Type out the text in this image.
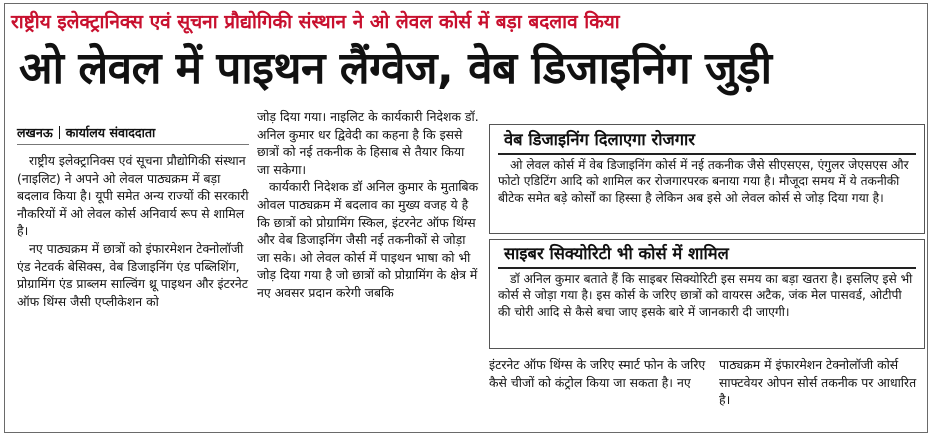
राष्ट्रीय इलेक्ट्रानिक्स एवं सूचना प्रौद्योगिकी संस्थान ने ओ लेवल कोर्स में बड़ा बदलाव किया
ओ लेवल में पाइथन लैंग्वेज, वेब डिजाइनिंग जुड़ी
लखनऊ कार्यालय संवाददाता

राष्ट्रीय इलेक्ट्रानिक्स एवं सूचना प्रौद्योगिकी संस्थान (नाइलिट) ने अपने ओ लेवल पाठ्यक्रम में बड़ा बदलाव किया है। यूपी समेत अन्य राज्यों की सरकारी नौकरियों में ओ लेवल कोर्स अनिवार्य रूप से शामिल है।

नए पाठ्यक्रम में छात्रों को इंफारमेशन टेक्नोलॉजी एंड नेटवर्क बेसिक्स, वेब डिजाइनिंग एंड पब्लिशिंग, प्रोग्रामिंग एंड प्राब्लम साल्विंग थ्रू पाइथन और इंटरनेट ऑफ थिंग्स जैसी एप्लीकेशन को

जोड़ दिया गया। नाइलिट के कार्यकारी निदेशक डॉ. अनिल कुमार धर द्विवेदी का कहना है कि इससे छात्रों को नई तकनीक के हिसाब से तैयार किया जा सकेगा।

कार्यकारी निदेशक डॉ अनिल कुमार के मुताबिक ओवल पाठ्यक्रम में बदलाव का मुख्य वजह ये है कि छात्रों को प्रोग्रामिंग स्किल, इंटरनेट ऑफ थिंग्स और वेब डिजाइनिंग जैसी नई तकनीकों से जोड़ा जा सके। ओ लेवल कोर्स में पाइथन भाषा को भी जोड़ दिया गया है जो छात्रों को प्रोग्रामिंग के क्षेत्र में नए अवसर प्रदान करेगी जबकि

वेब डिजाइनिंग दिलाएगा रोजगार
ओ लेवल कोर्स में वेब डिजाइनिंग कोर्स में नई तकनीक जैसे सीएसएस, एंगुलर जेएसएस और फोटो एडिटिंग आदि को शामिल कर रोजगारपरक बनाया गया है। मौजूदा समय में ये तकनीकी बीटेक समेत बड़े कोर्सों का हिस्सा है लेकिन अब इसे ओ लेवल कोर्स से जोड़ दिया गया है।
साइबर सिक्योरिटी भी कोर्स में शामिल
डॉ अनिल कुमार बताते हैं कि साइबर सिक्योरिटी इस समय का बड़ा खतरा है। इसलिए इसे भी कोर्स से जोड़ा गया है। इस कोर्स के जरिए छात्रों को वायरस अटैक, जंक मेल पासवर्ड, ओटीपी की चोरी आदि से कैसे बचा जाए इसके बारे में जानकारी दी जाएगी।

इंटरनेट ऑफ थिंग्स के जरिए स्मार्ट फोन के जरिए कैसे चीजों को कंट्रोल किया जा सकता है। नए

पाठ्यक्रम में इंफारमेशन टेक्नोलॉजी कोर्स साफ्टवेयर ओपन सोर्स तकनीक पर आधारित है।
